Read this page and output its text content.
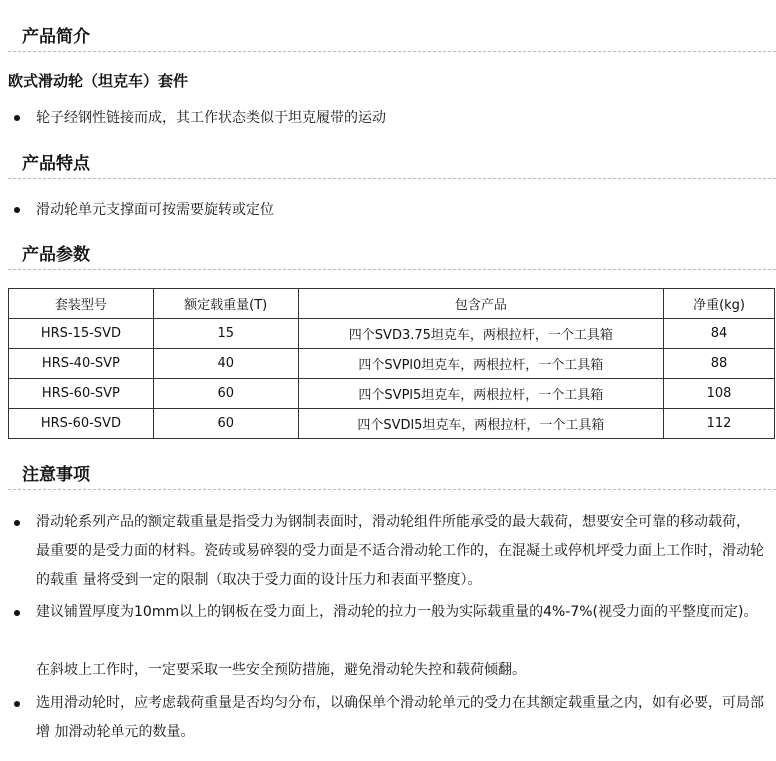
产品简介
欧式滑动轮（坦克车）套件
轮子经钢性链接而成，其工作状态类似于坦克履带的运动
产品特点
滑动轮单元支撑面可按需要旋转或定位
产品参数
套装型号	额定载重量(T)	包含产品	净重(kg)
HRS-15-SVD	15	四个SVD3.75坦克车，两根拉杆，一个工具箱	84
HRS-40-SVP	40	四个SVPl0坦克车，两根拉杆，一个工具箱	88
HRS-60-SVP	60	四个SVPl5坦克车，两根拉杆，一个工具箱	108
HRS-60-SVD	60	四个SVDl5坦克车，两根拉杆，一个工具箱	112
注意事项
滑动轮系列产品的额定载重量是指受力为钢制表面时，滑动轮组件所能承受的最大载荷，想要安全可靠的移动载荷， 最重要的是受力面的材料。瓷砖或易碎裂的受力面是不适合滑动轮工作的，在混凝土或停机坪受力面上工作时，滑动轮的载重 量将受到一定的限制（取决于受力面的设计压力和表面平整度）。
建议铺置厚度为10mm以上的钢板在受力面上，滑动轮的拉力一般为实际载重量的4%-7%(视受力面的平整度而定)。
在斜坡上工作时，一定要采取一些安全预防措施，避免滑动轮失控和载荷倾翻。
选用滑动轮时，应考虑载荷重量是否均匀分布，以确保单个滑动轮单元的受力在其额定载重量之内，如有必要，可局部增 加滑动轮单元的数量。
